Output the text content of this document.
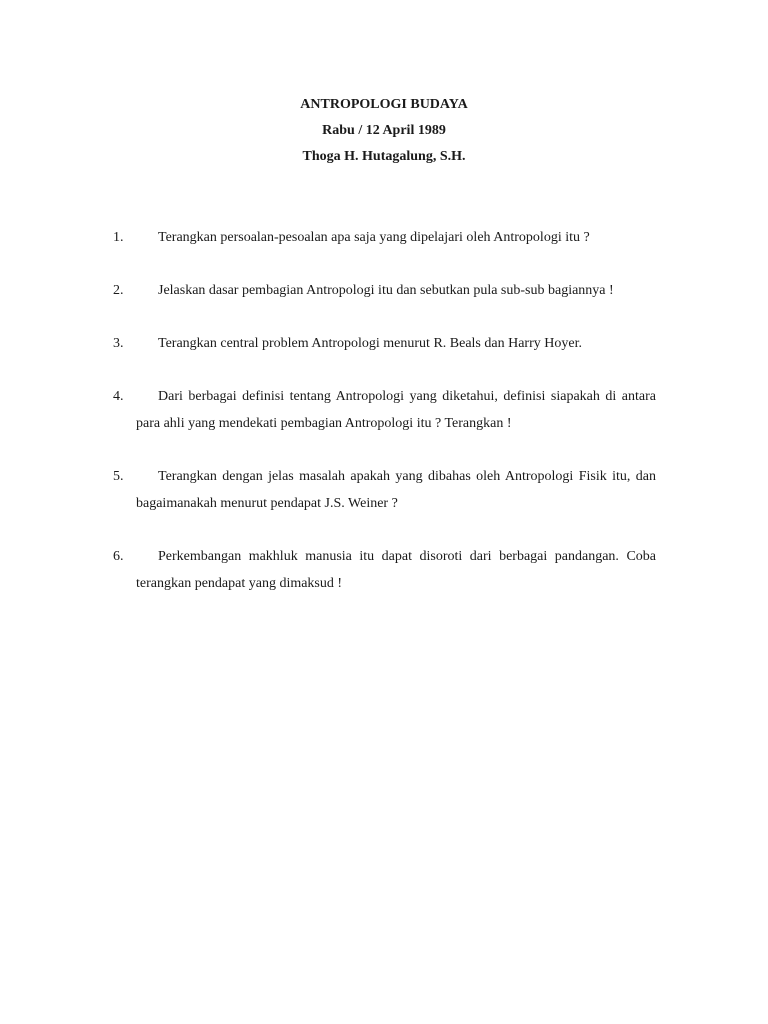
ANTROPOLOGI BUDAYA
Rabu / 12 April 1989
Thoga H. Hutagalung, S.H.
1.	Terangkan persoalan-pesoalan apa saja yang dipelajari oleh Antropologi itu ?
2.	Jelaskan dasar pembagian Antropologi itu dan sebutkan pula sub-sub bagiannya !
3.	Terangkan central problem Antropologi menurut R. Beals dan Harry Hoyer.
4.	Dari berbagai definisi tentang Antropologi yang diketahui, definisi siapakah di antara para ahli yang mendekati pembagian Antropologi itu ? Terangkan !
5.	Terangkan dengan jelas masalah apakah yang dibahas oleh Antropologi Fisik itu, dan bagaimanakah menurut pendapat J.S. Weiner ?
6.	Perkembangan makhluk manusia itu dapat disoroti dari berbagai pandangan. Coba terangkan pendapat yang dimaksud !
